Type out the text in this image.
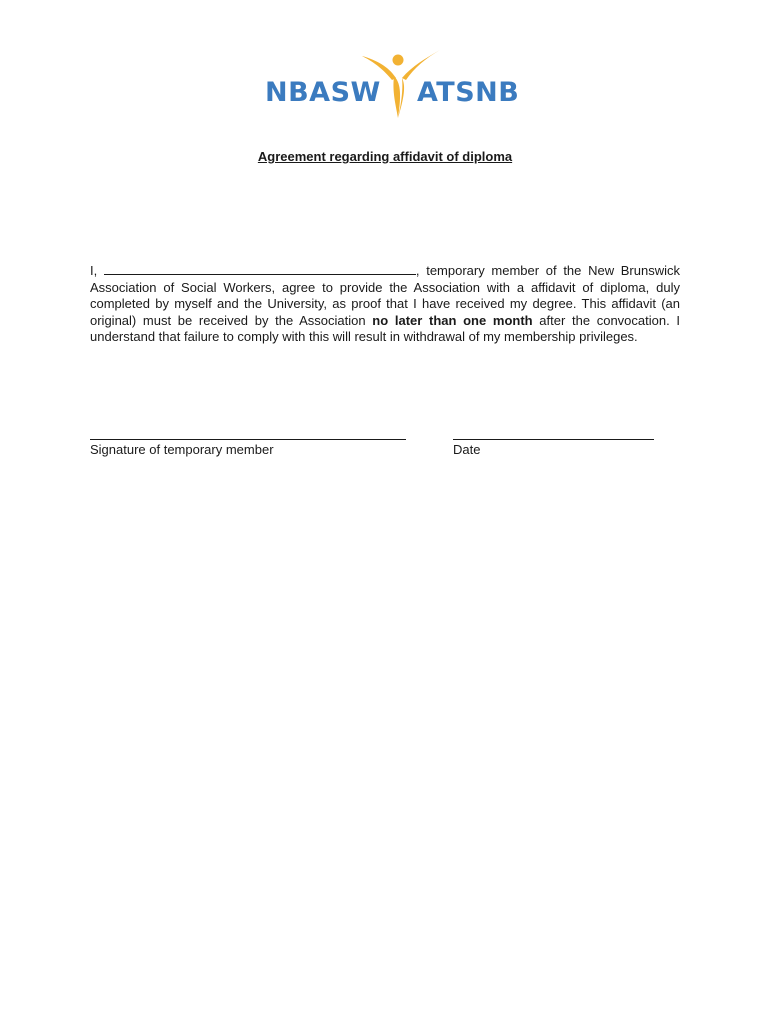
NBASW ATSNB
Agreement regarding affidavit of diploma

I,	, temporary member of the New Brunswick Association of Social Workers, agree to provide the Association with a affidavit of diploma, duly completed by myself and the University, as proof that I have received my degree. This affidavit (an original) must be received by the Association no later than one month after the convocation. I understand that failure to comply with this will result in withdrawal of my membership privileges.

Signature of temporary member	Date
